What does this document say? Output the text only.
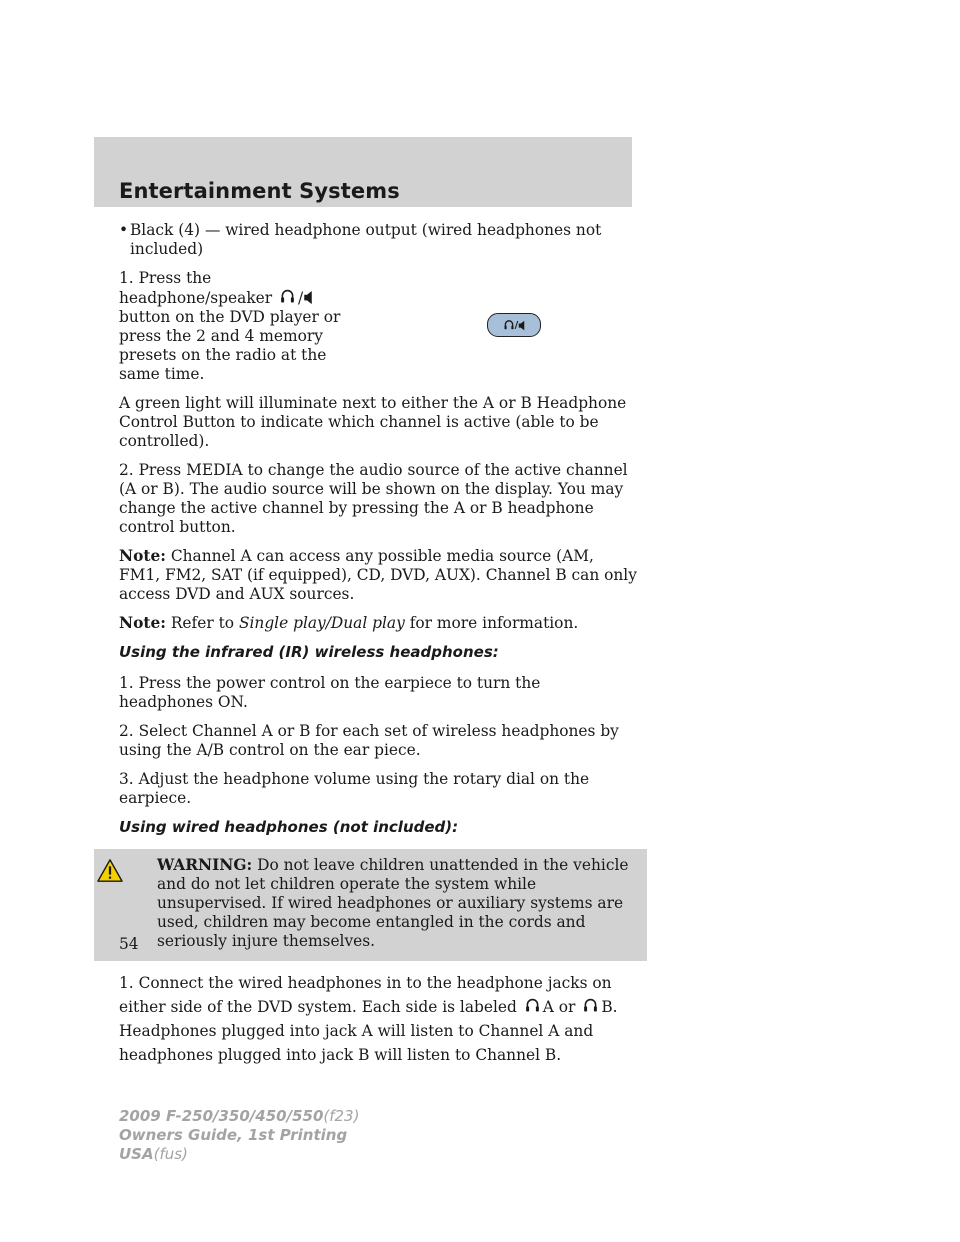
Entertainment Systems
• Black (4) — wired headphone output (wired headphones not included)
1. Press the headphone/speaker / button on the DVD player or press the 2 and 4 memory presets on the radio at the same time.
/

A green light will illuminate next to either the A or B Headphone Control Button to indicate which channel is active (able to be controlled).

2. Press MEDIA to change the audio source of the active channel (A or B). The audio source will be shown on the display. You may change the active channel by pressing the A or B headphone control button.

Note: Channel A can access any possible media source (AM, FM1, FM2, SAT (if equipped), CD, DVD, AUX). Channel B can only access DVD and AUX sources.

Note: Refer to Single play/Dual play for more information.

Using the infrared (IR) wireless headphones:

1. Press the power control on the earpiece to turn the headphones ON.

2. Select Channel A or B for each set of wireless headphones by using the A/B control on the ear piece.

3. Adjust the headphone volume using the rotary dial on the earpiece.

Using wired headphones (not included):
WARNING: Do not leave children unattended in the vehicle and do not let children operate the system while unsupervised. If wired headphones or auxiliary systems are used, children may become entangled in the cords and seriously injure themselves.

1. Connect the wired headphones in to the headphone jacks on either side of the DVD system. Each side is labeled A or B. Headphones plugged into jack A will listen to Channel A and headphones plugged into jack B will listen to Channel B.

54
2009 F-250/350/450/550(f23)
Owners Guide, 1st Printing
USA(fus)
